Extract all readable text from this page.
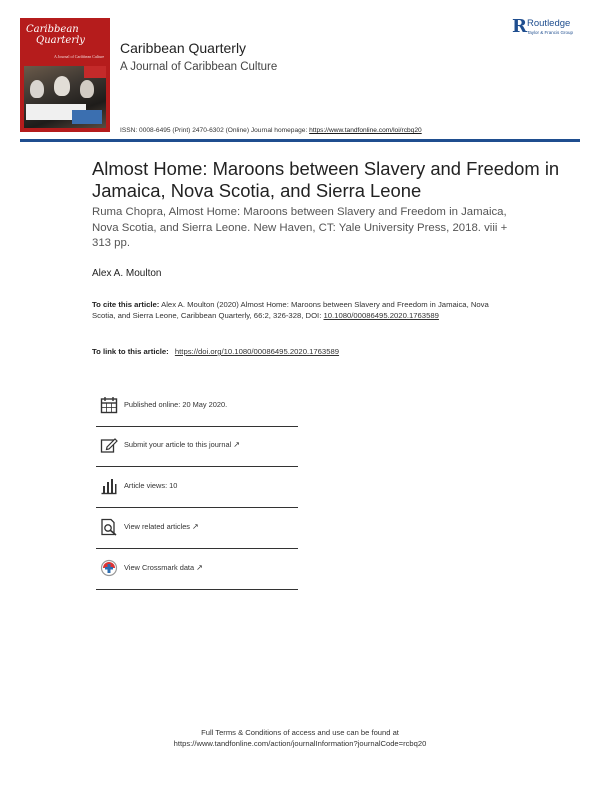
Caribbean
Quarterly
A Journal of Caribbean Culture
Caribbean Quarterly
A Journal of Caribbean Culture
R Routledge
Taylor & Francis Group
ISSN: 0008-6495 (Print) 2470-6302 (Online) Journal homepage: https://www.tandfonline.com/loi/rcbq20
Almost Home: Maroons between Slavery and Freedom in Jamaica, Nova Scotia, and Sierra Leone
Ruma Chopra, Almost Home: Maroons between Slavery and Freedom in Jamaica, Nova Scotia, and Sierra Leone. New Haven, CT: Yale University Press, 2018. viii + 313 pp.
Alex A. Moulton
To cite this article: Alex A. Moulton (2020) Almost Home: Maroons between Slavery and Freedom in Jamaica, Nova Scotia, and Sierra Leone, Caribbean Quarterly, 66:2, 326-328, DOI: 10.1080/00086495.2020.1763589
To link to this article: https://doi.org/10.1080/00086495.2020.1763589
Published online: 20 May 2020.
Submit your article to this journal ↗
Article views: 10
View related articles ↗
View Crossmark data ↗
Full Terms & Conditions of access and use can be found at
https://www.tandfonline.com/action/journalInformation?journalCode=rcbq20
